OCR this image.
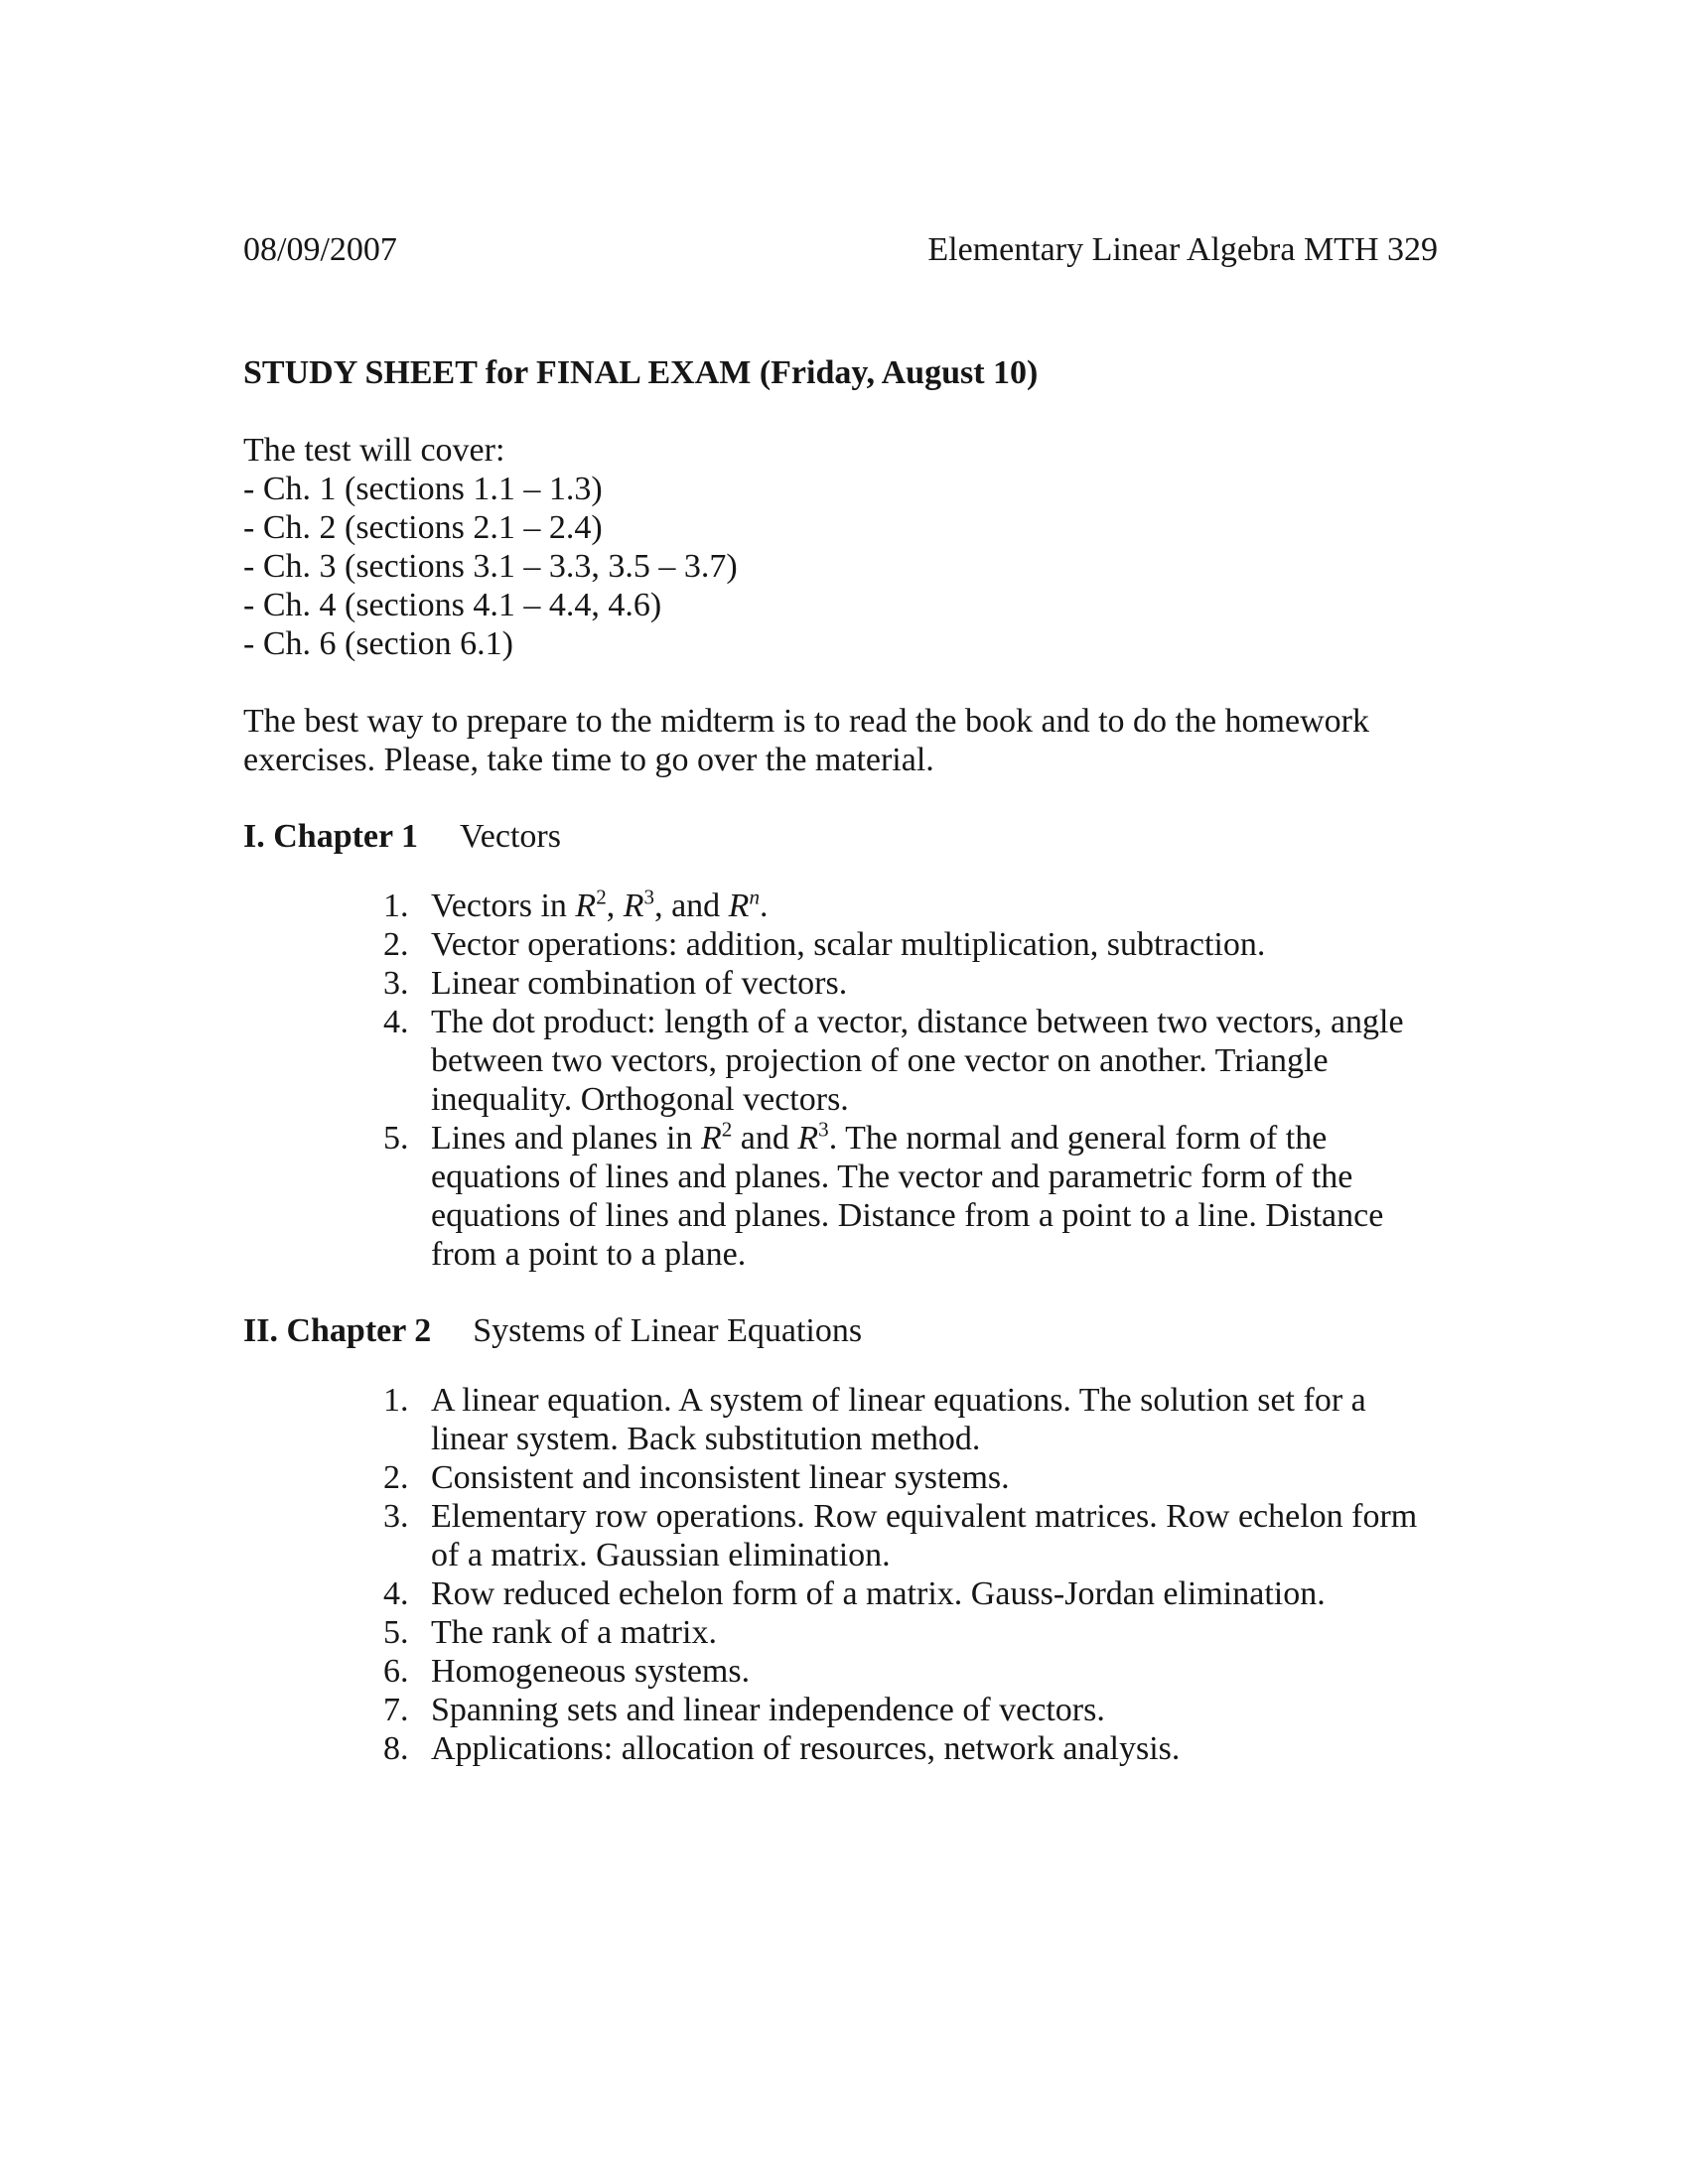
08/09/2007	Elementary Linear Algebra MTH 329
STUDY SHEET for FINAL EXAM (Friday, August 10)
The test will cover:
- Ch. 1 (sections 1.1 – 1.3)
- Ch. 2 (sections 2.1 – 2.4)
- Ch. 3 (sections 3.1 – 3.3, 3.5 – 3.7)
- Ch. 4 (sections 4.1 – 4.4, 4.6)
- Ch. 6 (section 6.1)
The best way to prepare to the midterm is to read the book and to do the homework exercises. Please, take time to go over the material.
I. Chapter 1 Vectors
1. Vectors in $R^2$, $R^3$, and $R^n$.
2. Vector operations: addition, scalar multiplication, subtraction.
3. Linear combination of vectors.
4. The dot product: length of a vector, distance between two vectors, angle between two vectors, projection of one vector on another. Triangle inequality. Orthogonal vectors.
5. Lines and planes in $R^2$ and $R^3$. The normal and general form of the equations of lines and planes. The vector and parametric form of the equations of lines and planes. Distance from a point to a line. Distance from a point to a plane.
II. Chapter 2 Systems of Linear Equations
1. A linear equation. A system of linear equations. The solution set for a linear system. Back substitution method.
2. Consistent and inconsistent linear systems.
3. Elementary row operations. Row equivalent matrices. Row echelon form of a matrix. Gaussian elimination.
4. Row reduced echelon form of a matrix. Gauss-Jordan elimination.
5. The rank of a matrix.
6. Homogeneous systems.
7. Spanning sets and linear independence of vectors.
8. Applications: allocation of resources, network analysis.
